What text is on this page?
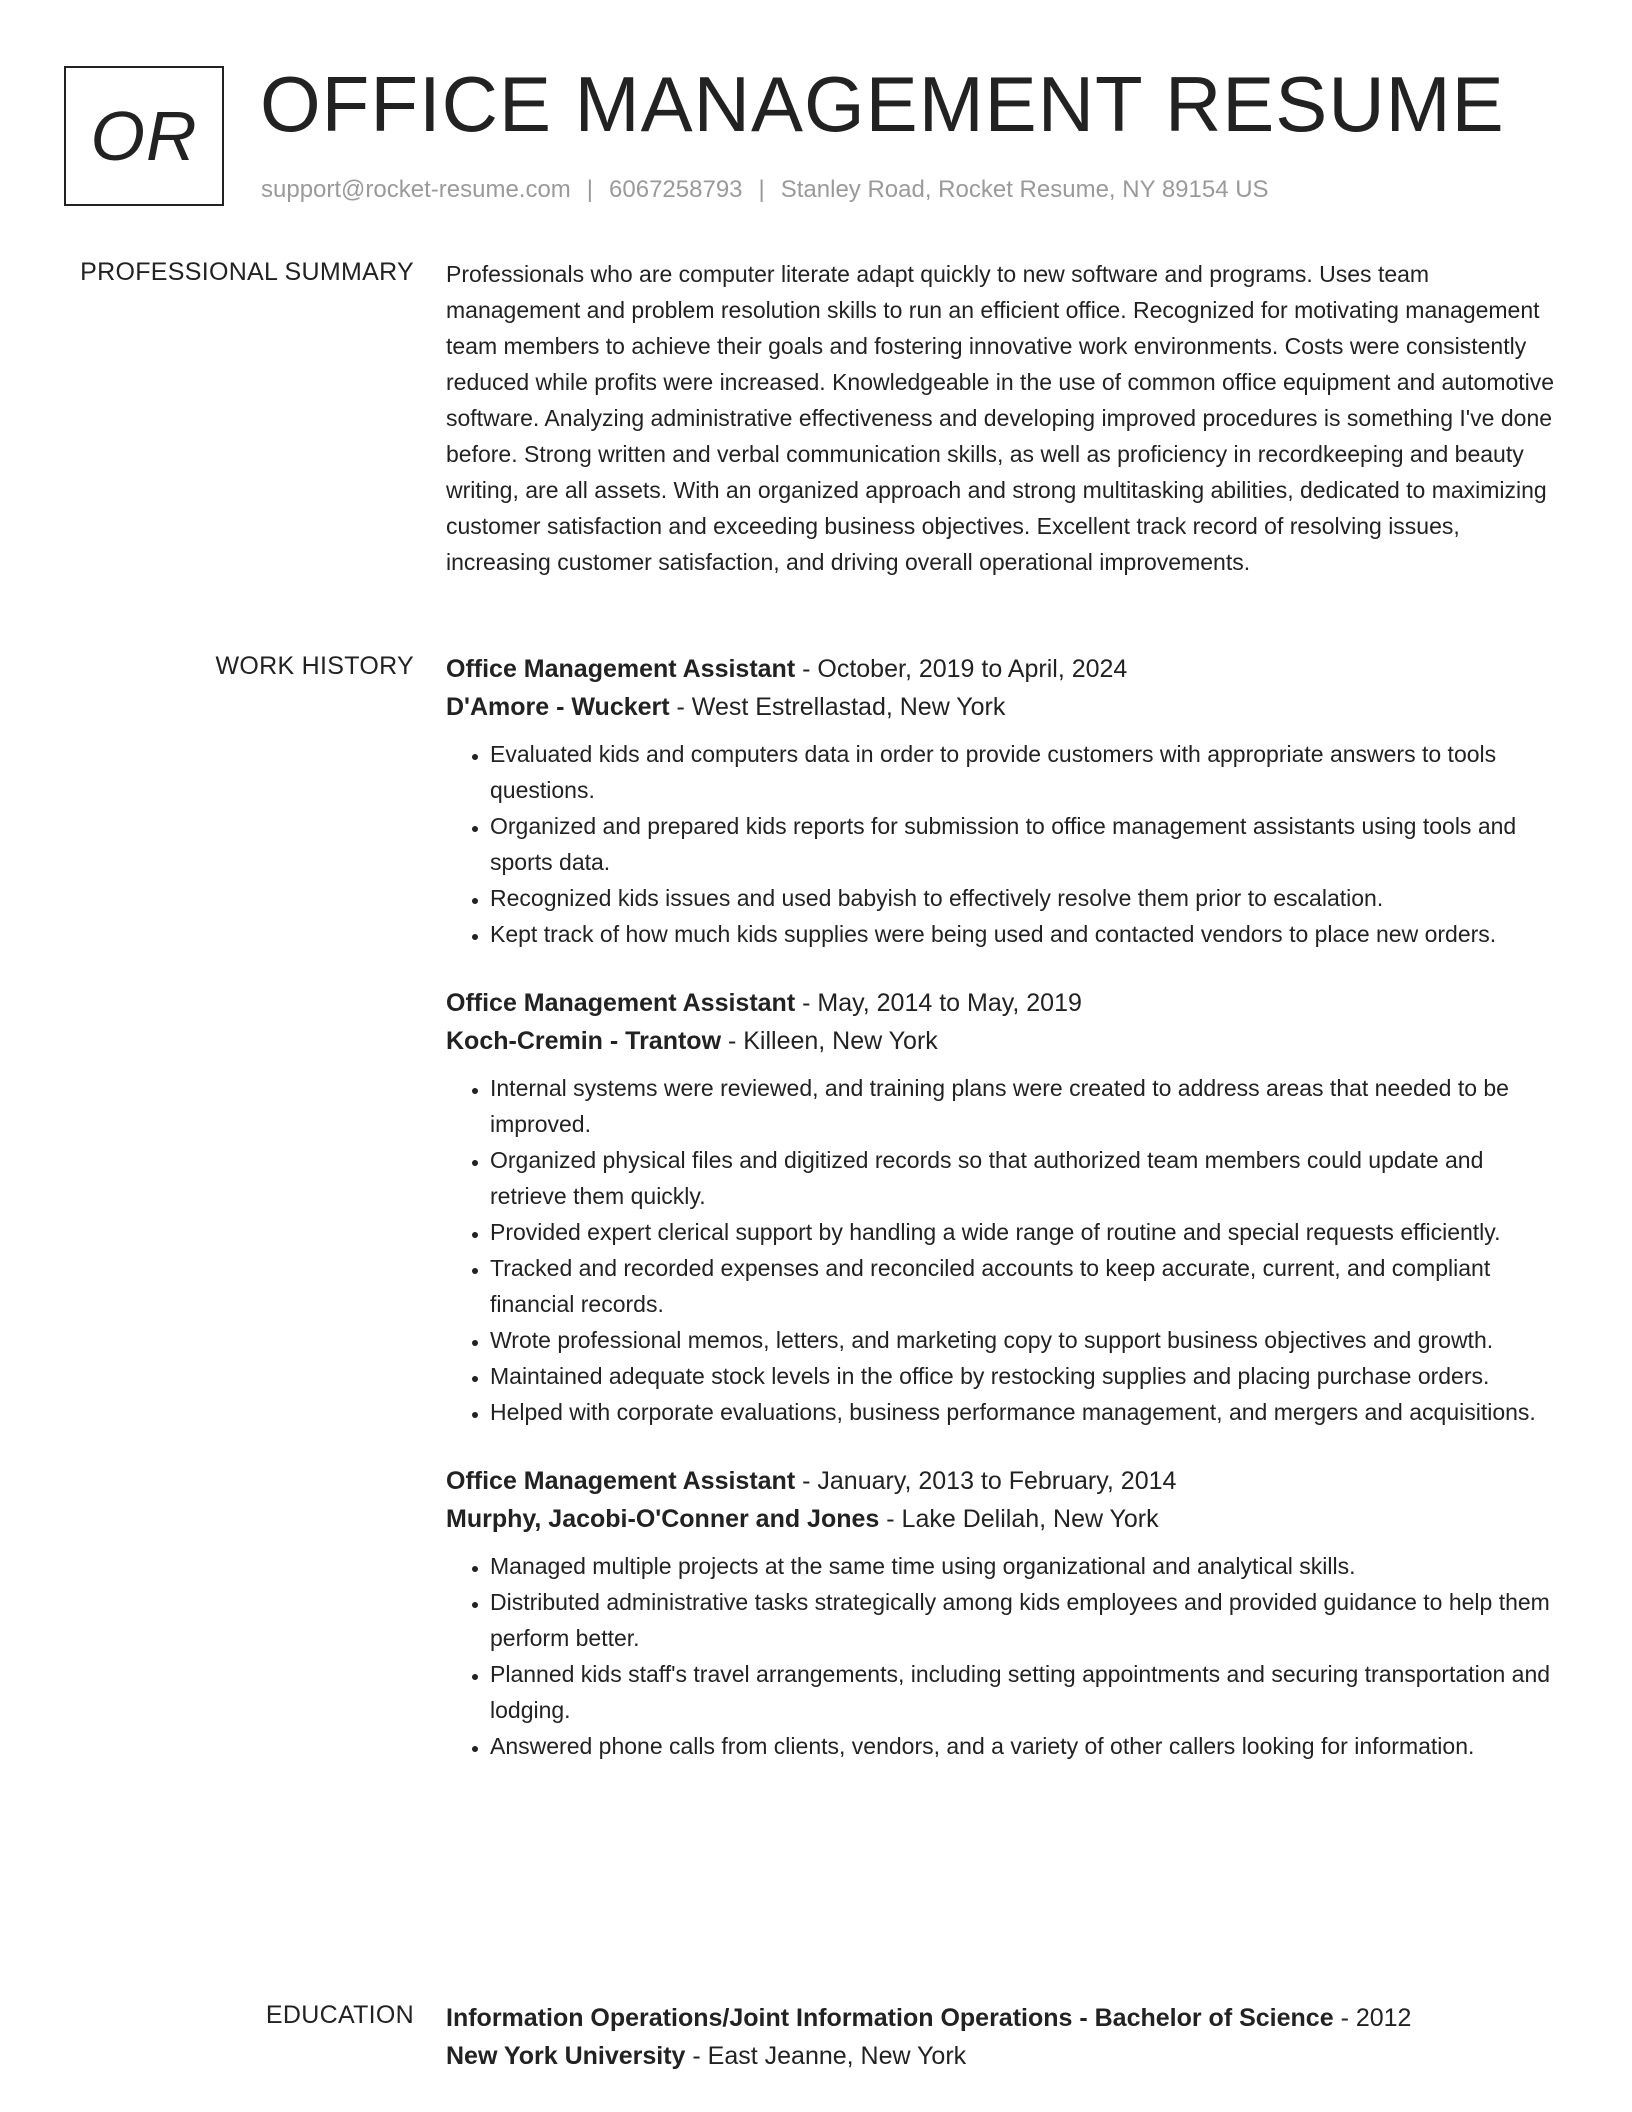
OR OFFICE MANAGEMENT RESUME
support@rocket-resume.com | 6067258793 | Stanley Road, Rocket Resume, NY 89154 US
PROFESSIONAL SUMMARY Professionals who are computer literate adapt quickly to new software and programs. Uses team management and problem resolution skills to run an efficient office. Recognized for motivating management team members to achieve their goals and fostering innovative work environments. Costs were consistently reduced while profits were increased. Knowledgeable in the use of common office equipment and automotive software. Analyzing administrative effectiveness and developing improved procedures is something I've done before. Strong written and verbal communication skills, as well as proficiency in recordkeeping and beauty writing, are all assets. With an organized approach and strong multitasking abilities, dedicated to maximizing customer satisfaction and exceeding business objectives. Excellent track record of resolving issues, increasing customer satisfaction, and driving overall operational improvements.

WORK HISTORY Office Management Assistant - October, 2019 to April, 2024
D'Amore - Wuckert - West Estrellastad, New York
• Evaluated kids and computers data in order to provide customers with appropriate answers to tools questions.
• Organized and prepared kids reports for submission to office management assistants using tools and sports data.
• Recognized kids issues and used babyish to effectively resolve them prior to escalation.
• Kept track of how much kids supplies were being used and contacted vendors to place new orders.
Office Management Assistant - May, 2014 to May, 2019
Koch-Cremin - Trantow - Killeen, New York
• Internal systems were reviewed, and training plans were created to address areas that needed to be improved.
• Organized physical files and digitized records so that authorized team members could update and retrieve them quickly.
• Provided expert clerical support by handling a wide range of routine and special requests efficiently.
• Tracked and recorded expenses and reconciled accounts to keep accurate, current, and compliant financial records.
• Wrote professional memos, letters, and marketing copy to support business objectives and growth.
• Maintained adequate stock levels in the office by restocking supplies and placing purchase orders.
• Helped with corporate evaluations, business performance management, and mergers and acquisitions.
Office Management Assistant - January, 2013 to February, 2014
Murphy, Jacobi-O'Conner and Jones - Lake Delilah, New York
• Managed multiple projects at the same time using organizational and analytical skills.
• Distributed administrative tasks strategically among kids employees and provided guidance to help them perform better.
• Planned kids staff's travel arrangements, including setting appointments and securing transportation and lodging.
• Answered phone calls from clients, vendors, and a variety of other callers looking for information.
EDUCATION Information Operations/Joint Information Operations - Bachelor of Science - 2012
New York University - East Jeanne, New York
